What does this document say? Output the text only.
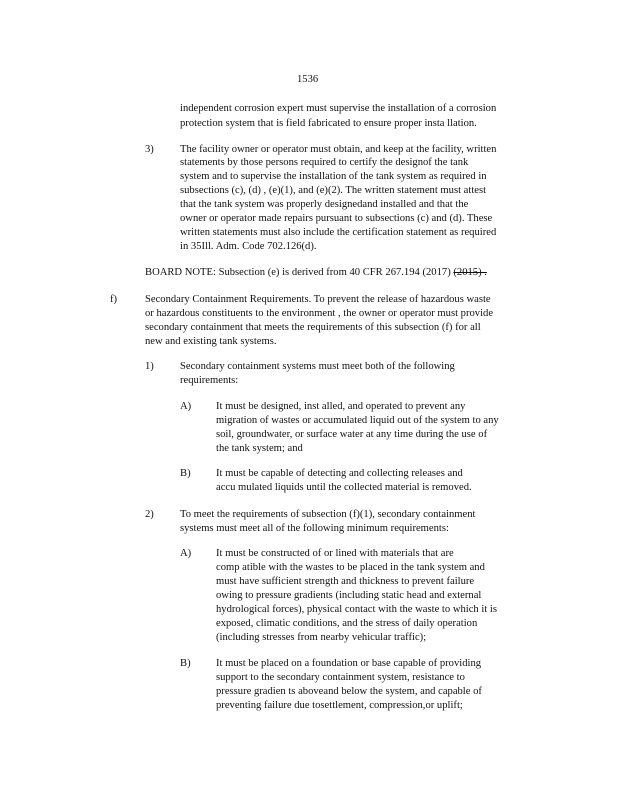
1536
independent corrosion expert must supervise the installation of a corrosion
protection system that is field fabricated to ensure proper insta llation.
3) The facility owner or operator must obtain, and keep at the facility, written
statements by those persons required to certify the designof the tank
system and to supervise the installation of the tank system as required in
subsections (c), (d) , (e)(1), and (e)(2). The written statement must attest
that the tank system was properly designedand installed and that the
owner or operator made repairs pursuant to subsections (c) and (d). These
written statements must also include the certification statement as required
in 35Ill. Adm. Code 702.126(d).
BOARD NOTE: Subsection (e) is derived from 40 CFR 267.194 (2017) (2015) .
f)	Secondary Containment Requirements. To prevent the release of hazardous waste
or hazardous constituents to the environment , the owner or operator must provide
secondary containment that meets the requirements of this subsection (f) for all
new and existing tank systems.
1) Secondary containment systems must meet both of the following
requirements:
A) It must be designed, inst alled, and operated to prevent any
migration of wastes or accumulated liquid out of the system to any
soil, groundwater, or surface water at any time during the use of
the tank system; and
B) It must be capable of detecting and collecting releases and
accu mulated liquids until the collected material is removed.
2) To meet the requirements of subsection (f)(1), secondary containment
systems must meet all of the following minimum requirements:
A) It must be constructed of or lined with materials that are
comp atible with the wastes to be placed in the tank system and
must have sufficient strength and thickness to prevent failure
owing to pressure gradients (including static head and external
hydrological forces), physical contact with the waste to which it is
exposed, climatic conditions, and the stress of daily operation
(including stresses from nearby vehicular traffic);
B) It must be placed on a foundation or base capable of providing
support to the secondary containment system, resistance to
pressure gradien ts aboveand below the system, and capable of
preventing failure due tosettlement, compression,or uplift;
